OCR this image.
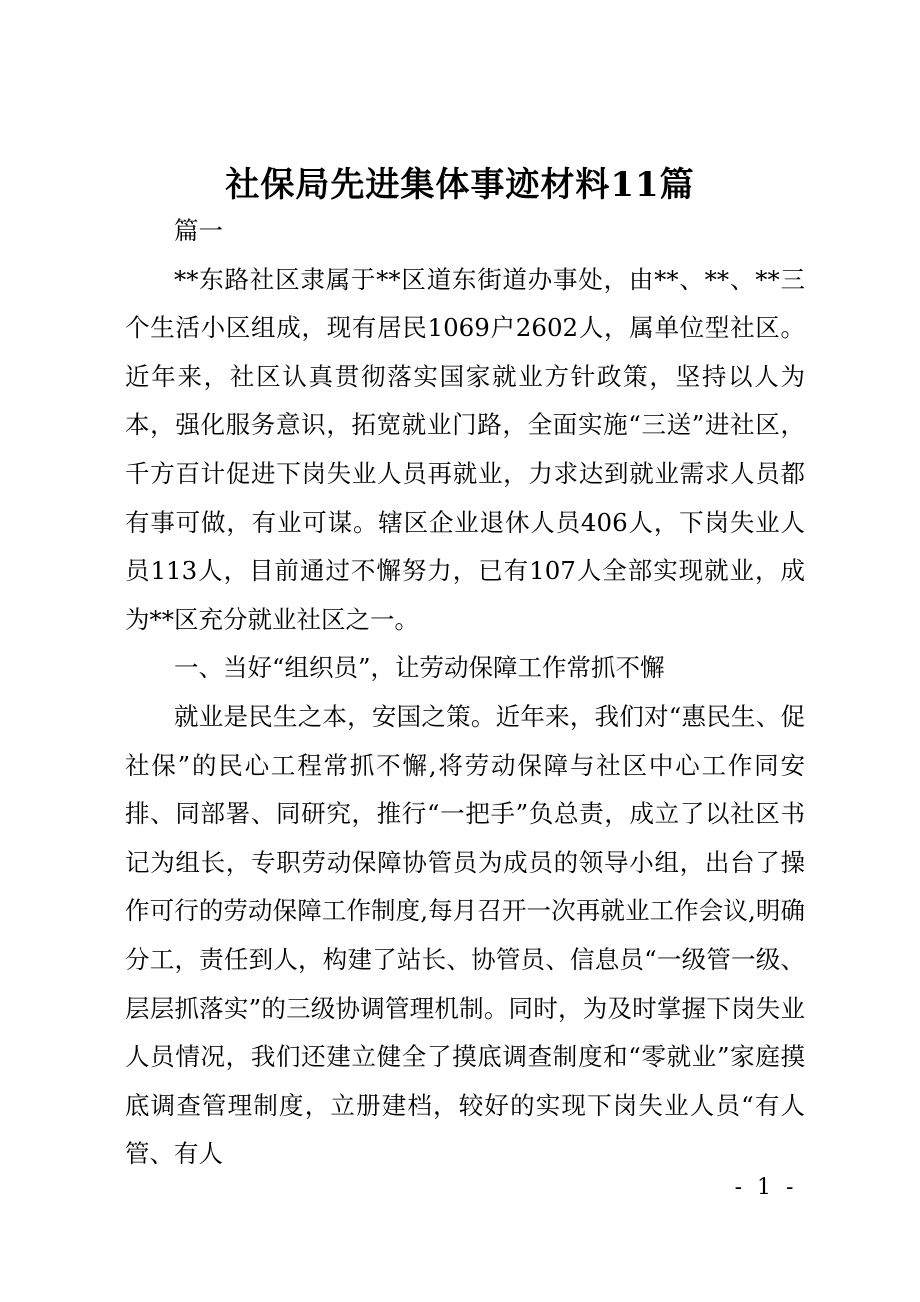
社保局先进集体事迹材料11篇

篇一

**东路社区隶属于**区道东街道办事处，由**、**、**三个生活小区组成，现有居民1069户2602人，属单位型社区。近年来，社区认真贯彻落实国家就业方针政策，坚持以人为本，强化服务意识，拓宽就业门路，全面实施“三送”进社区，千方百计促进下岗失业人员再就业，力求达到就业需求人员都有事可做，有业可谋。辖区企业退休人员406人，下岗失业人员113人，目前通过不懈努力，已有107人全部实现就业，成为**区充分就业社区之一。

一、当好“组织员”，让劳动保障工作常抓不懈

就业是民生之本，安国之策。近年来，我们对“惠民生、促社保”的民心工程常抓不懈,将劳动保障与社区中心工作同安排、同部署、同研究，推行“一把手”负总责，成立了以社区书记为组长，专职劳动保障协管员为成员的领导小组，出台了操作可行的劳动保障工作制度,每月召开一次再就业工作会议,明确分工，责任到人，构建了站长、协管员、信息员“一级管一级、层层抓落实”的三级协调管理机制。同时，为及时掌握下岗失业人员情况，我们还建立健全了摸底调查制度和“零就业”家庭摸底调查管理制度，立册建档，较好的实现下岗失业人员“有人管、有人

- 1 -
